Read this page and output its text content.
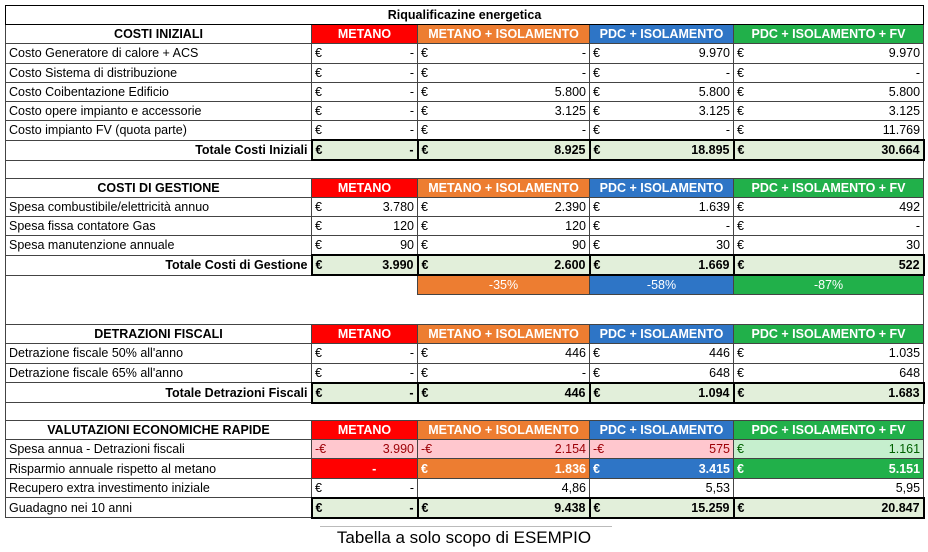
Riqualificazine energetica								
COSTI INIZIALI	METANO		METANO + ISOLAMENTO		PDC + ISOLAMENTO		PDC + ISOLAMENTO + FV	
Costo Generatore di calore + ACS	€	-	€	-	€	9.970	€	9.970
Costo Sistema di distribuzione	€	-	€	-	€	-	€	-
Costo Coibentazione Edificio	€	-	€	5.800	€	5.800	€	5.800
Costo opere impianto e accessorie	€	-	€	3.125	€	3.125	€	3.125
Costo impianto FV (quota parte)	€	-	€	-	€	-	€	11.769
Totale Costi Iniziali	€	-	€	8.925	€	18.895	€	30.664

COSTI DI GESTIONE	METANO		METANO + ISOLAMENTO		PDC + ISOLAMENTO		PDC + ISOLAMENTO + FV	
Spesa combustibile/elettricità annuo	€	3.780	€	2.390	€	1.639	€	492
Spesa fissa contatore Gas	€	120	€	120	€	-	€	-
Spesa manutenzione annuale	€	90	€	90	€	30	€	30
Totale Costi di Gestione	€	3.990	€	2.600	€	1.669	€	522
			-35%		-58%		-87%	

DETRAZIONI FISCALI	METANO		METANO + ISOLAMENTO		PDC + ISOLAMENTO		PDC + ISOLAMENTO + FV	
Detrazione fiscale 50% all'anno	€	-	€	446	€	446	€	1.035
Detrazione fiscale 65% all'anno	€	-	€	-	€	648	€	648
Totale Detrazioni Fiscali	€	-	€	446	€	1.094	€	1.683

VALUTAZIONI ECONOMICHE RAPIDE	METANO		METANO + ISOLAMENTO		PDC + ISOLAMENTO		PDC + ISOLAMENTO + FV	
Spesa annua - Detrazioni fiscali	-€	3.990	-€	2.154	-€	575	€	1.161
Risparmio annuale rispetto al metano		-	€	1.836	€	3.415	€	5.151
Recupero extra investimento iniziale	€	-		4,86		5,53		5,95
Guadagno nei 10 anni	€	-	€	9.438	€	15.259	€	20.847
Tabella a solo scopo di ESEMPIO
